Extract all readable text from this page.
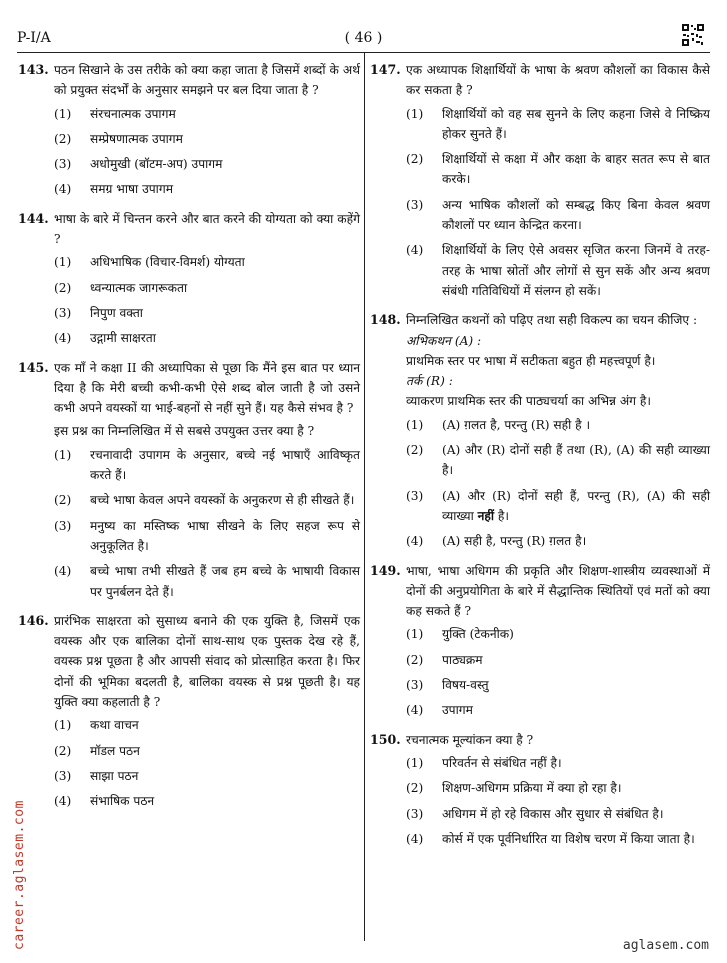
P-I/A	( 46 )
143. पठन सिखाने के उस तरीके को क्या कहा जाता है जिसमें शब्दों के अर्थ को प्रयुक्त संदर्भों के अनुसार समझने पर बल दिया जाता है ?
(1) संरचनात्मक उपागम
(2) सम्प्रेषणात्मक उपागम
(3) अधोमुखी (बॉटम-अप) उपागम
(4) समग्र भाषा उपागम
144. भाषा के बारे में चिन्तन करने और बात करने की योग्यता को क्या कहेंगे ?
(1) अधिभाषिक (विचार-विमर्श) योग्यता
(2) ध्वन्यात्मक जागरूकता
(3) निपुण वक्ता
(4) उद्गामी साक्षरता
145. एक माँ ने कक्षा II की अध्यापिका से पूछा कि मैंने इस बात पर ध्यान दिया है कि मेरी बच्ची कभी-कभी ऐसे शब्द बोल जाती है जो उसने कभी अपने वयस्कों या भाई-बहनों से नहीं सुने हैं। यह कैसे संभव है ?
इस प्रश्न का निम्नलिखित में से सबसे उपयुक्त उत्तर क्या है ?
(1) रचनावादी उपागम के अनुसार, बच्चे नई भाषाएँ आविष्कृत करते हैं।
(2) बच्चे भाषा केवल अपने वयस्कों के अनुकरण से ही सीखते हैं।
(3) मनुष्य का मस्तिष्क भाषा सीखने के लिए सहज रूप से अनुकूलित है।
(4) बच्चे भाषा तभी सीखते हैं जब हम बच्चे के भाषायी विकास पर पुनर्बलन देते हैं।
146. प्रारंभिक साक्षरता को सुसाध्य बनाने की एक युक्ति है, जिसमें एक वयस्क और एक बालिका दोनों साथ-साथ एक पुस्तक देख रहे हैं, वयस्क प्रश्न पूछता है और आपसी संवाद को प्रोत्साहित करता है। फिर दोनों की भूमिका बदलती है, बालिका वयस्क से प्रश्न पूछती है। यह युक्ति क्या कहलाती है ?
(1) कथा वाचन
(2) मॉडल पठन
(3) साझा पठन
(4) संभाषिक पठन
147. एक अध्यापक शिक्षार्थियों के भाषा के श्रवण कौशलों का विकास कैसे कर सकता है ?
(1) शिक्षार्थियों को वह सब सुनने के लिए कहना जिसे वे निष्क्रिय होकर सुनते हैं।
(2) शिक्षार्थियों से कक्षा में और कक्षा के बाहर सतत रूप से बात करके।
(3) अन्य भाषिक कौशलों को सम्बद्ध किए बिना केवल श्रवण कौशलों पर ध्यान केन्द्रित करना।
(4) शिक्षार्थियों के लिए ऐसे अवसर सृजित करना जिनमें वे तरह-तरह के भाषा स्रोतों और लोगों से सुन सकें और अन्य श्रवण संबंधी गतिविधियों में संलग्न हो सकें।
148. निम्नलिखित कथनों को पढ़िए तथा सही विकल्प का चयन कीजिए :
अभिकथन (A) :
प्राथमिक स्तर पर भाषा में सटीकता बहुत ही महत्त्वपूर्ण है।
तर्क (R) :
व्याकरण प्राथमिक स्तर की पाठ्यचर्या का अभिन्न अंग है।
(1) (A) ग़लत है, परन्तु (R) सही है ।
(2) (A) और (R) दोनों सही हैं तथा (R), (A) की सही व्याख्या है।
(3) (A) और (R) दोनों सही हैं, परन्तु (R), (A) की सही व्याख्या नहीं है।
(4) (A) सही है, परन्तु (R) ग़लत है।
149. भाषा, भाषा अधिगम की प्रकृति और शिक्षण-शास्त्रीय व्यवस्थाओं में दोनों की अनुप्रयोगिता के बारे में सैद्धान्तिक स्थितियों एवं मतों को क्या कह सकते हैं ?
(1) युक्ति (टेकनीक)
(2) पाठ्यक्रम
(3) विषय-वस्तु
(4) उपागम
150. रचनात्मक मूल्यांकन क्या है ?
(1) परिवर्तन से संबंधित नहीं है।
(2) शिक्षण-अधिगम प्रक्रिया में क्या हो रहा है।
(3) अधिगम में हो रहे विकास और सुधार से संबंधित है।
(4) कोर्स में एक पूर्वनिर्धारित या विशेष चरण में किया जाता है।
career.aglasem.com	aglasem.com
